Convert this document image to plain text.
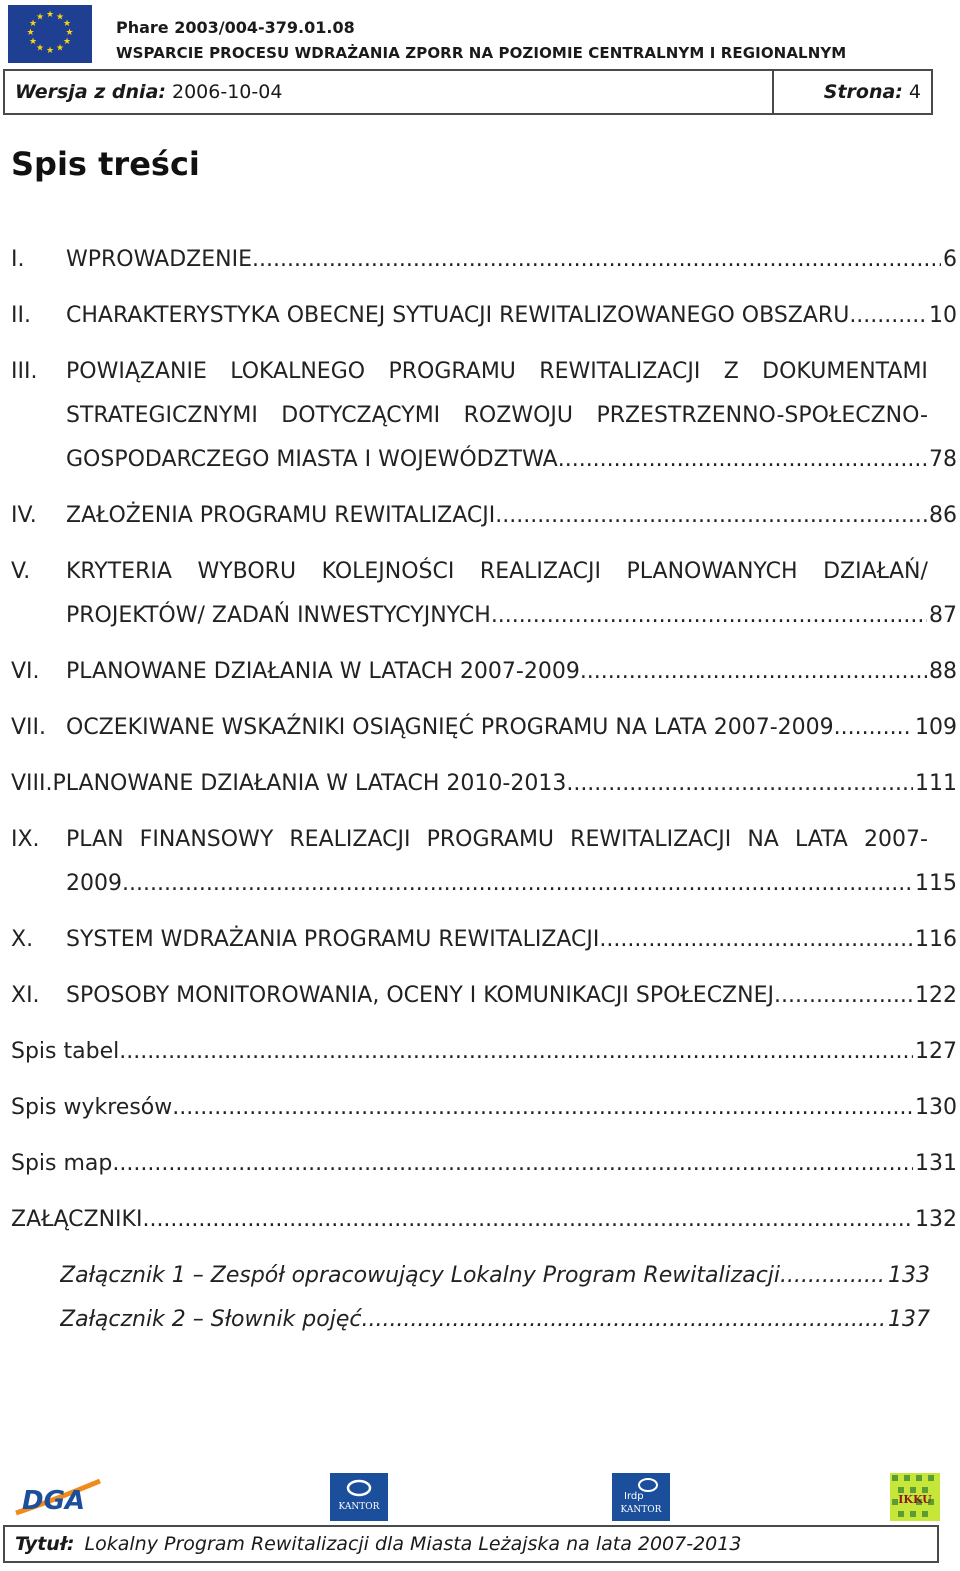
★ ★
★
★
★
★
★
★
★
★
★
★
Phare 2003/004-379.01.08
WSPARCIE PROCESU WDRAŻANIA ZPORR NA POZIOMIE CENTRALNYM I REGIONALNYM
Wersja z dnia: 2006-10-04	Strona: 4
Spis treści
I.	WPROWADZENIE .....	6
II.	CHARAKTERYSTYKA OBECNEJ SYTUACJI REWITALIZOWANEGO OBSZARU .....	10
III. POWIĄZANIE LOKALNEGO PROGRAMU REWITALIZACJI Z DOKUMENTAMI
STRATEGICZNYMI DOTYCZĄCYMI ROZWOJU PRZESTRZENNO-SPOŁECZNO-
GOSPODARCZEGO MIASTA I WOJEWÓDZTWA .....	78
IV.	ZAŁOŻENIA PROGRAMU REWITALIZACJI .....	86
V. KRYTERIA WYBORU KOLEJNOŚCI REALIZACJI PLANOWANYCH DZIAŁAŃ/
PROJEKTÓW/ ZADAŃ INWESTYCYJNYCH .....	87
VI.	PLANOWANE DZIAŁANIA W LATACH 2007-2009 .....	88
VII. OCZEKIWANE WSKAŹNIKI OSIĄGNIĘĆ PROGRAMU NA LATA 2007-2009 .....	109
VIII. PLANOWANE DZIAŁANIA W LATACH 2010-2013 .....	111
IX. PLAN FINANSOWY REALIZACJI PROGRAMU REWITALIZACJI NA LATA 2007-
2009 .....	115
X.	SYSTEM WDRAŻANIA PROGRAMU REWITALIZACJI .....	116
XI.	SPOSOBY MONITOROWANIA, OCENY I KOMUNIKACJI SPOŁECZNEJ .....	122
Spis tabel .....	127
Spis wykresów .....	130
Spis map .....	131
ZAŁĄCZNIKI .....	132
Załącznik 1 – Zespół opracowujący Lokalny Program Rewitalizacji .....	133
Załącznik 2 – Słownik pojęć .....	137
DGA	KANTOR
Irdp
KANTOR
IKKU
Tytuł: Lokalny Program Rewitalizacji dla Miasta Leżajska na lata 2007-2013
